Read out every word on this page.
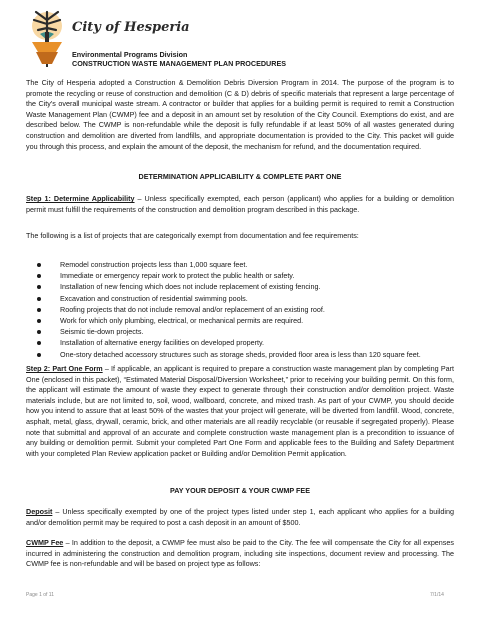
City of Hesperia
Environmental Programs Division
CONSTRUCTION WASTE MANAGEMENT PLAN PROCEDURES

The City of Hesperia adopted a Construction & Demolition Debris Diversion Program in 2014. The purpose of the program is to promote the recycling or reuse of construction and demolition (C & D) debris of specific materials that represent a large percentage of the City's overall municipal waste stream. A contractor or builder that applies for a building permit is required to remit a Construction Waste Management Plan (CWMP) fee and a deposit in an amount set by resolution of the City Council. Exemptions do exist, and are described below. The CWMP is non-refundable while the deposit is fully refundable if at least 50% of all wastes generated during construction and demolition are diverted from landfills, and appropriate documentation is provided to the City. This packet will guide you through this process, and explain the amount of the deposit, the mechanism for refund, and the documentation required.

DETERMINATION APPLICABILITY & COMPLETE PART ONE

Step 1: Determine Applicability – Unless specifically exempted, each person (applicant) who applies for a building or demolition permit must fulfill the requirements of the construction and demolition program described in this package.

The following is a list of projects that are categorically exempt from documentation and fee requirements:

Remodel construction projects less than 1,000 square feet.
Immediate or emergency repair work to protect the public health or safety.
Installation of new fencing which does not include replacement of existing fencing.
Excavation and construction of residential swimming pools.
Roofing projects that do not include removal and/or replacement of an existing roof.
Work for which only plumbing, electrical, or mechanical permits are required.
Seismic tie-down projects.
Installation of alternative energy facilities on developed property.
One-story detached accessory structures such as storage sheds, provided floor area is less than 120 square feet.

Step 2: Part One Form – If applicable, an applicant is required to prepare a construction waste management plan by completing Part One (enclosed in this packet), “Estimated Material Disposal/Diversion Worksheet,” prior to receiving your building permit. On this form, the applicant will estimate the amount of waste they expect to generate through their construction and/or demolition project. Waste materials include, but are not limited to, soil, wood, wallboard, concrete, and mixed trash. As part of your CWMP, you should decide how you intend to assure that at least 50% of the wastes that your project will generate, will be diverted from landfill. Wood, concrete, asphalt, metal, glass, drywall, ceramic, brick, and other materials are all readily recyclable (or reusable if segregated properly). Please note that submittal and approval of an accurate and complete construction waste management plan is a precondition to issuance of any building or demolition permit. Submit your completed Part One Form and applicable fees to the Building and Safety Department with your completed Plan Review application packet or Building and/or Demolition Permit application.

PAY YOUR DEPOSIT & YOUR CWMP FEE

Deposit – Unless specifically exempted by one of the project types listed under step 1, each applicant who applies for a building and/or demolition permit may be required to post a cash deposit in an amount of $500.

CWMP Fee – In addition to the deposit, a CWMP fee must also be paid to the City. The fee will compensate the City for all expenses incurred in administering the construction and demolition program, including site inspections, document review and processing. The CWMP fee is non-refundable and will be based on project type as follows:

Page 1 of 11	7/1/14
